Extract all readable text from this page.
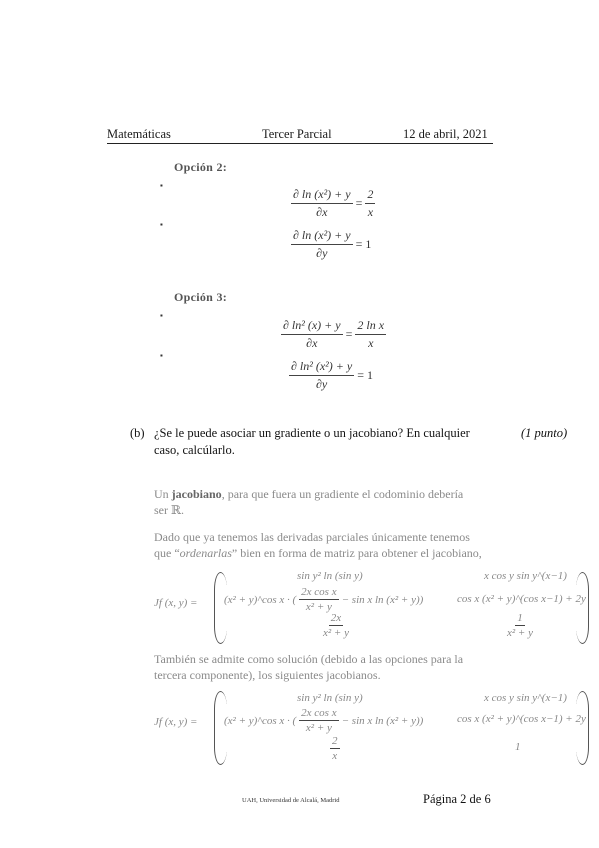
Matemáticas	Tercer Parcial	12 de abril, 2021
Opción 2:
▪
$\frac{\text{∂ ln (x²) + y}}{\partial x} = \frac{2}{x}$
▪
$\frac{\text{∂ ln (x²) + y}}{\partial y} = 1$
Opción 3:
▪
$\frac{\text{∂ ln² (x) + y}}{\partial x} = \frac{\text{2 ln x}}{x}$
▪
$\frac{\text{∂ ln² (x²) + y}}{\partial y} = 1$
(b) ¿Se le puede asociar un gradiente o un jacobiano? En cualquier
caso, calcúlarlo.
(1 punto)
Un jacobiano, para que fuera un gradiente el codominio debería
ser ℝ.
Dado que ya tenemos las derivadas parciales únicamente tenemos
que “ordenarlas” bien en forma de matriz para obtener el jacobiano,
Jf (x, y) =
sin y² ln (sin y)	x cos y sin y^(x−1)
(x² + y)^cos x · ( $\frac{\text{2x cos x}}{\text{x² + y}} - \sin x$ ln (x² + y))	cos x (x² + y)^(cos x−1) + 2y
$\frac{2x}{\text{x² + y}}$	$\frac{1}{\text{x² + y}}$
También se admite como solución (debido a las opciones para la
tercera componente), los siguientes jacobianos.
Jf (x, y) =
sin y² ln (sin y)	x cos y sin y^(x−1)
(x² + y)^cos x · ( $\frac{\text{2x cos x}}{\text{x² + y}} - \sin x$ ln (x² + y))	cos x (x² + y)^(cos x−1) + 2y
$\frac{2}{x}$	1
UAH, Universidad de Alcalá, Madrid	Página 2 de 6
